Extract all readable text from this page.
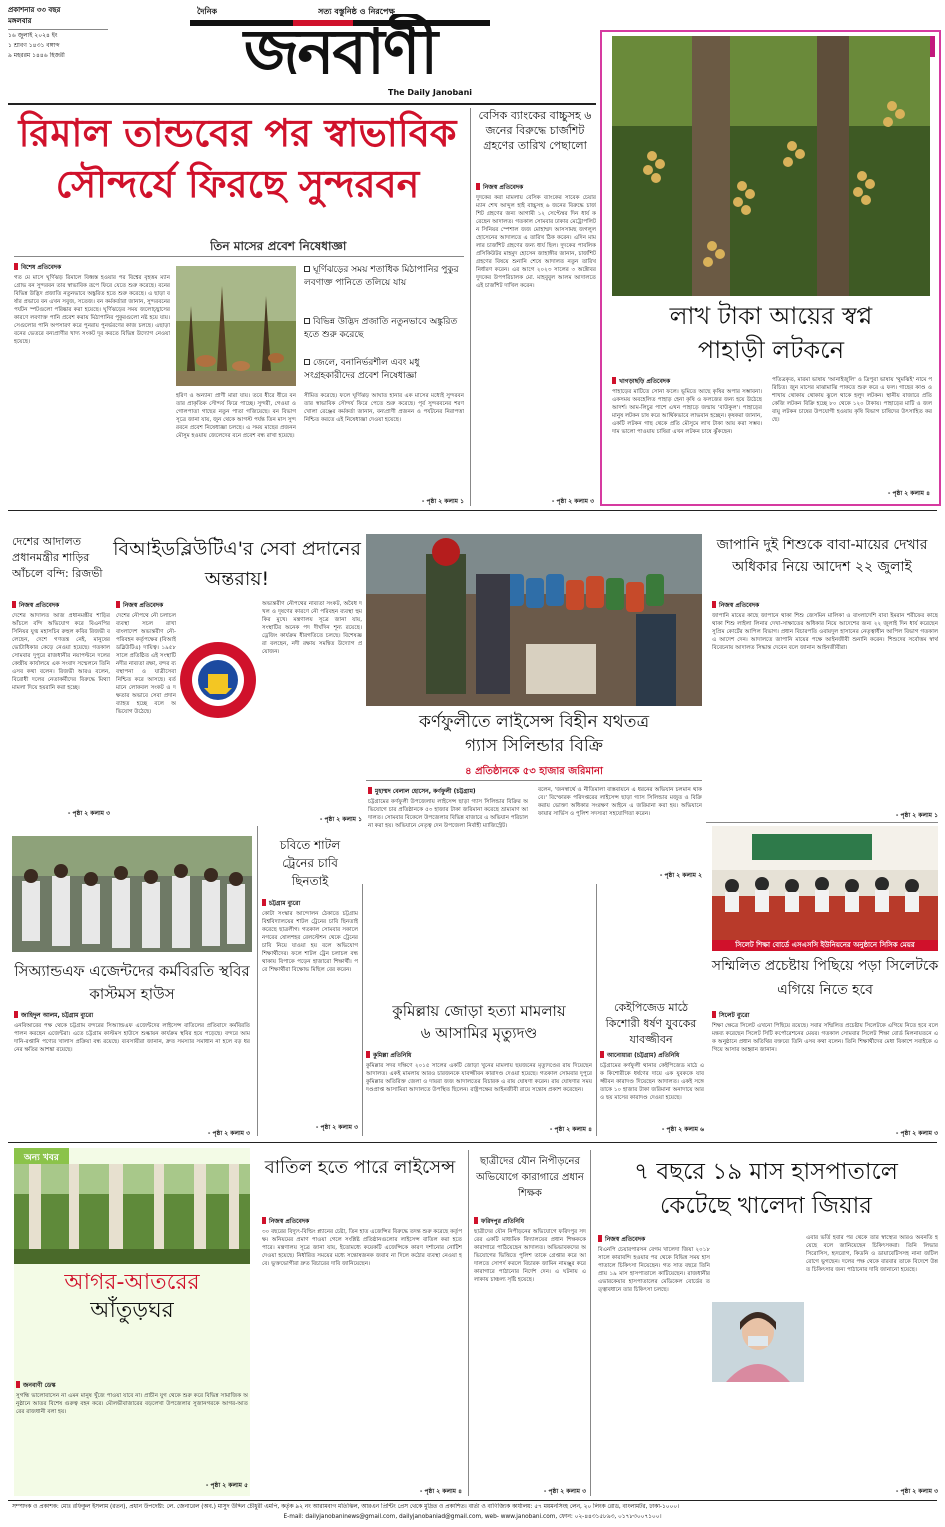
প্রকাশনার ৩৩ বছর
মঙ্গলবার
১৬ জুলাই ২০২৪ ইং
১ শ্রাবণ ১৪৩১ বঙ্গাব্দ
৯ মহররম ১৪৪৬ হিজরী
দৈনিক	সত্য বস্তুনিষ্ঠ ও নিরপেক্ষ
জনবাণী
The Daily Janobani
রিমাল তান্ডবের পর স্বাভাবিক
সৌন্দর্যে ফিরছে সুন্দরবন
তিন মাসের প্রবেশ নিষেধাজ্ঞা
বিশেষ প্রতিবেদক
গত মে মাসে ঘূর্ণিঝড় রিমালে বিধ্বস্ত হওয়ার পর বিশ্বের বৃহত্তম ম্যানগ্রোভ বন সুন্দরবন তার স্বাভাবিক রূপে ফিরে যেতে শুরু করেছে। বনের বিভিন্ন উদ্ভিদ প্রজাতি নতুনভাবে অঙ্কুরিত হতে শুরু করেছে। এ ছাড়া বর্ষার প্রভাবে বন এখন সবুজ, সতেজ। বন কর্মকর্তারা জানান, সুন্দরবনের পর্যটন স্পটগুলো পরিষ্কার করা হয়েছে। ঘূর্ণিঝড়ের সময় জলোচ্ছ্বাসের কারণে লবণাক্ত পানি প্রবেশ করায় মিঠাপানির পুকুরগুলো নষ্ট হয়ে যায়। সেগুলোর পানি অপসারণ করে পুনরায় পুনর্ভরণের কাজ চলছে। এছাড়া বনের ভেতরে বন্যপ্রাণীর খাদ্য সংকট দূর করতে বিভিন্ন উদ্যোগ নেওয়া হয়েছে।
ঘূর্ণিঝড়ের সময় শতাধিক মিঠাপানির পুকুর লবণাক্ত পানিতে তলিয়ে যায়
বিভিন্ন উদ্ভিদ প্রজাতি নতুনভাবে অঙ্কুরিত হতে শুরু করেছে
জেলে, বনানির্ভরশীল এবং মধু সংগ্রহকারীদের প্রবেশ নিষেধাজ্ঞা
হরিণ ও অন্যান্য প্রাণী মারা যায়। তবে ধীরে ধীরে বন তার প্রাকৃতিক সৌন্দর্য ফিরে পাচ্ছে। সুন্দরী, গেওয়া ও গোলপাতা গাছের নতুন পাতা গজিয়েছে। বন বিভাগ সূত্রে জানা যায়, জুন থেকে আগস্ট পর্যন্ত তিন মাস সুন্দরবনে প্রবেশ নিষেধাজ্ঞা চলছে। এ সময় মাছের প্রজনন মৌসুম হওয়ায় জেলেদের বনে প্রবেশ বন্ধ রাখা হয়েছে।
সীমিত করেছে। ফলে ঘূর্ণিঝড় আঘাত হানার এক মাসের মধ্যেই সুন্দরবন তার স্বাভাবিক সৌন্দর্য ফিরে পেতে শুরু করেছে। পূর্ব সুন্দরবনের শরণখোলা রেঞ্জের কর্মকর্তা জানান, বন্যপ্রাণী প্রজনন ও পর্যটনের নিরাপত্তা নিশ্চিত করতে এই নিষেধাজ্ঞা দেওয়া হয়েছে।
- পৃষ্ঠা ২ কলাম ১
বেসিক ব্যাংকের বাচ্চুসহ ৬ জনের বিরুদ্ধে চার্জশিট গ্রহণের তারিখ পেছালো
নিজস্ব প্রতিবেদক
দুদকের করা মামলায় বেসিক ব্যাংকের সাবেক চেয়ারম্যান শেখ আব্দুল হাই বাচ্চুসহ ৬ জনের বিরুদ্ধে চার্জশিট গ্রহণের জন্য আগামী ১২ সেপ্টেম্বর দিন ধার্য করেছেন আদালত। গতকাল সোমবার ঢাকার মেট্রোপলিটন সিনিয়র স্পেশাল জজ মোহাম্মদ আসসামছ জগলুল হোসেনের আদালতে এ তারিখ ঠিক করেন। এদিন মামলার চার্জশিট গ্রহণের জন্য ধার্য ছিল। দুদকের পাবলিক প্রসিকিউটর মাহমুদ হোসেন জাহাঙ্গীর জানান, চার্জশিট গ্রহণের বিষয়ে শুনানি শেষে আদালত নতুন তারিখ নির্ধারণ করেন। এর আগে ২০২৩ সালের ৩ অক্টোবর দুদকের উপপরিচালক মো. মাহবুবুল আলম আদালতে এই চার্জশিট দাখিল করেন।
- পৃষ্ঠা ২ কলাম ৩
লাখ টাকা আয়ের স্বপ্ন
পাহাড়ী লটকনে
খাগড়াছড়ি প্রতিবেদক
পাহাড়ের মাটিতে সোনা ফলে। ভূমিতে আছে কৃষির অপার সম্ভাবনা। একসময় অবহেলিত পাহাড় হেনা কৃষি ও ফলজের জন্য হয়ে উঠেছে আদর্শ। আম-লিচুর পাশে এখন পাহাড়ে জন্মায় 'বাউকুল'। পাহাড়ের মানুষ লটকন চাষ করে আর্থিকভাবে লাভবান হচ্ছেন। কৃষকরা জানান, একটি লটকন গাছ থেকে প্রতি মৌসুমে লাখ টাকা আয় করা সম্ভব। দাম ভালো পাওয়ায় চাষিরা এখন লটকন চাষে ঝুঁকছেন।
পতিত্রকৃত, মারমা ভাষায় 'আনাইজুলি' ও ত্রিপুরা ভাষায় 'থুমঝিই' নামে পরিচিত। জুন মাসের মাঝামাঝি পাকতে শুরু করে এ ফল। গাছের কাণ্ড ও শাখায় থোকায় থোকায় ঝুলে থাকে হলুদ লটকন। স্থানীয় বাজারে প্রতি কেজি লটকন বিক্রি হচ্ছে ৮০ থেকে ১২০ টাকায়। পাহাড়ের মাটি ও জলবায়ু লটকন চাষের উপযোগী হওয়ায় কৃষি বিভাগ চাষিদের উৎসাহিত করছে।
- পৃষ্ঠা ২ কলাম ৪
দেশের আদালত প্রধানমন্ত্রীর শাড়ির আঁচলে বন্দি: রিজভী
নিজস্ব প্রতিবেদক
দেশের আদালত আজ প্রধানমন্ত্রীর শাড়ির আঁচলে বন্দি অভিযোগ করে বিএনপির সিনিয়র যুগ্ম মহাসচিব রুহুল কবির রিজভী বলেছেন, দেশে গণতন্ত্র নেই, মানুষের ভোটাধিকার কেড়ে নেওয়া হয়েছে। গতকাল সোমবার দুপুরে রাজধানীর নয়াপল্টনে দলের কেন্দ্রীয় কার্যালয়ে এক সংবাদ সম্মেলনে তিনি এসব কথা বলেন। রিজভী আরও বলেন, বিরোধী দলের নেতাকর্মীদের বিরুদ্ধে মিথ্যা মামলা দিয়ে হয়রানি করা হচ্ছে।
- পৃষ্ঠা ২ কলাম ৩
বিআইডব্লিউটিএ'র সেবা প্রদানের অন্তরায়!
নিজস্ব প্রতিবেদক
দেশের নৌপথে নৌ চলাচল ব্যবস্থা সচল রাখা বাংলাদেশ অভ্যন্তরীণ নৌ-পরিবহন কর্তৃপক্ষের (বিআইডব্লিউটিএ) দায়িত্ব। ১৯৫৮ সালে প্রতিষ্ঠিত এই সংস্থাটি নদীর নাব্যতা রক্ষা, বন্দর ব্যবস্থাপনা ও যাত্রীসেবা নিশ্চিত করে আসছে। বর্তমানে লোকবল সংকট ও দক্ষতার অভাবে সেবা প্রদান ব্যাহত হচ্ছে বলে অভিযোগ উঠেছে।
অভ্যন্তরীণ নৌপথের নাব্যতা সংকট, অবৈধ দখল ও দূষণের কারণে নৌ পরিবহন ব্যবস্থা হুমকির মুখে। মন্ত্রণালয় সূত্রে জানা যায়, সংস্থাটির অনেক পদ দীর্ঘদিন শূন্য রয়েছে। ড্রেজিং কার্যক্রম ধীরগতিতে চলছে। বিশেষজ্ঞরা বলছেন, নদী রক্ষায় সমন্বিত উদ্যোগ প্রয়োজন।
- পৃষ্ঠা ২ কলাম ১
কর্ণফুলীতে লাইসেন্স বিহীন যথতত্র
গ্যাস সিলিন্ডার বিক্রি
৪ প্রতিষ্ঠানকে ৫৩ হাজার জরিমানা
মুহাম্মদ বেলাল হোসেন, কর্ণফুলী (চট্টগ্রাম)
চট্টগ্রামের কর্ণফুলী উপজেলায় লাইসেন্স ছাড়া গ্যাস সিলিন্ডার বিক্রির অভিযোগে চার প্রতিষ্ঠানকে ৫৩ হাজার টাকা জরিমানা করেছে ভ্রাম্যমাণ আদালত। সোমবার বিকেলে উপজেলার বিভিন্ন বাজারে এ অভিযান পরিচালনা করা হয়। অভিযানে নেতৃত্ব দেন উপজেলা নির্বাহী ম্যাজিস্ট্রেট।
বলেন, 'জনস্বার্থে ও নীতিমালা বাস্তবায়নে এ ধরনের অভিযান চলমান থাকবে।' বিস্ফোরক পরিদপ্তরের লাইসেন্স ছাড়া গ্যাস সিলিন্ডার মজুত ও বিক্রি করায় ভোক্তা অধিকার সংরক্ষণ আইনে এ জরিমানা করা হয়। অভিযানে ফায়ার সার্ভিস ও পুলিশ সদস্যরা সহযোগিতা করেন।
- পৃষ্ঠা ২ কলাম ২
জাপানি দুই শিশুকে বাবা-মায়ের দেখার অধিকার নিয়ে আদেশ ২২ জুলাই
নিজস্ব প্রতিবেদক
জাপানি মায়ের কাছে জাপানে থাকা শিশু জেসমিন মালিকা ও বাংলাদেশি বাবা ইমরান শরীফের কাছে থাকা শিশু লাইলা লিনার দেখা-সাক্ষাতের অধিকার নিয়ে আদেশের জন্য ২২ জুলাই দিন ধার্য করেছেন সুপ্রিম কোর্টের আপিল বিভাগ। প্রধান বিচারপতি ওবায়দুল হাসানের নেতৃত্বাধীন আপিল বিভাগ গতকাল এ আদেশ দেন। আদালতে জাপানি মায়ের পক্ষে আইনজীবী শুনানি করেন। শিশুদের সর্বোত্তম স্বার্থ বিবেচনায় আদালত সিদ্ধান্ত দেবেন বলে জানান আইনজীবীরা।
- পৃষ্ঠা ২ কলাম ১
সিঅ্যান্ডএফ এজেন্টদের কর্মবিরতি স্থবির কাস্টমস হাউস
জাহিদুল আলম, চট্টগ্রাম ব্যুরো
এনবিআরের পক্ষ থেকে চট্টগ্রাম বন্দরের সিঅ্যান্ডএফ এজেন্টদের লাইসেন্স বাতিলের প্রতিবাদে কর্মবিরতি পালন করছেন এজেন্টরা। এতে চট্টগ্রাম কাস্টমস হাউসে শুল্কায়ন কার্যক্রম স্থবির হয়ে পড়েছে। বন্দরে আমদানি-রপ্তানি পণ্যের খালাস প্রক্রিয়া বন্ধ রয়েছে। ব্যবসায়ীরা জানান, দ্রুত সমস্যার সমাধান না হলে বড় ধরনের ক্ষতির আশঙ্কা রয়েছে।
- পৃষ্ঠা ২ কলাম ৩
চবিতে শাটল ট্রেনের চাবি ছিনতাই
চট্টগ্রাম ব্যুরো
কোটা সংস্কার আন্দোলন ঠেকাতে চট্টগ্রাম বিশ্ববিদ্যালয়ের শাটল ট্রেনের চাবি ছিনতাই করেছে ছাত্রলীগ। গতকাল সোমবার সকালে নগরের ষোলশহর রেলস্টেশন থেকে ট্রেনের চাবি নিয়ে যাওয়া হয় বলে অভিযোগ শিক্ষার্থীদের। ফলে শাটল ট্রেন চলাচল বন্ধ থাকায় বিপাকে পড়েন হাজারো শিক্ষার্থী। পরে শিক্ষার্থীরা বিক্ষোভ মিছিল বের করেন।
- পৃষ্ঠা ২ কলাম ৩
কুমিল্লায় জোড়া হত্যা মামলায়
৬ আসামির মৃত্যুদণ্ড
কুমিল্লা প্রতিনিধি
কুমিল্লার সদর দক্ষিণে ২০১৫ সালের একটি জোড়া খুনের মামলায় ছয়জনের মৃত্যুদণ্ডের রায় দিয়েছেন আদালত। একই মামলায় আরও চারজনকে যাবজ্জীবন কারাদণ্ড দেওয়া হয়েছে। গতকাল সোমবার দুপুরে কুমিল্লার অতিরিক্ত জেলা ও দায়রা জজ আদালতের বিচারক এ রায় ঘোষণা করেন। রায় ঘোষণার সময় দণ্ডপ্রাপ্ত আসামিরা আদালতে উপস্থিত ছিলেন। রাষ্ট্রপক্ষের আইনজীবী রায়ে সন্তোষ প্রকাশ করেছেন।
- পৃষ্ঠা ২ কলাম ৪
কেইপিজেড মাঠে কিশোরী ধর্ষণ যুবকের যাবজ্জীবন
আনোয়ারা (চট্টগ্রাম) প্রতিনিধি
চট্টগ্রামের কর্ণফুলী থানার কেইপিজেড মাঠে এক কিশোরীকে ধর্ষণের দায়ে এক যুবককে যাবজ্জীবন কারাদণ্ড দিয়েছেন আদালত। একই সঙ্গে তাকে ১০ হাজার টাকা জরিমানা অনাদায়ে আরও ছয় মাসের কারাদণ্ড দেওয়া হয়েছে।
- পৃষ্ঠা ২ কলাম ৬
সিলেট শিক্ষা বোর্ডে এসএসসি ইউনিয়নের অনুষ্ঠানে সিসিক মেয়র
সম্মিলিত প্রচেষ্টায় পিছিয়ে পড়া সিলেটকে এগিয়ে নিতে হবে
সিলেট ব্যুরো
শিক্ষা ক্ষেত্রে সিলেট এখনো পিছিয়ে রয়েছে। সবার সম্মিলিত প্রচেষ্টায় সিলেটকে এগিয়ে নিতে হবে বলে মন্তব্য করেছেন সিলেট সিটি কর্পোরেশনের মেয়র। গতকাল সোমবার সিলেট শিক্ষা বোর্ড মিলনায়তনে এক অনুষ্ঠানে প্রধান অতিথির বক্তব্যে তিনি এসব কথা বলেন। তিনি শিক্ষার্থীদের মেধা বিকাশে সবাইকে এগিয়ে আসার আহ্বান জানান।
- পৃষ্ঠা ২ কলাম ৩
অন্য খবর
আগর-আতরের
আঁতুড়ঘর
জনবাণী ডেস্ক
সুগন্ধি ভালোবাসেন না এমন মানুষ খুঁজে পাওয়া যাবে না। প্রাচীন যুগ থেকে শুরু করে বিভিন্ন সামাজিক অনুষ্ঠানে আতর বিশেষ গুরুত্ব বহন করে। মৌলভীবাজারের বড়লেখা উপজেলার সুজানগরকে আগর-আতরের রাজধানী বলা হয়।
- পৃষ্ঠা ২ কলাম ৫
বাতিল হতে পারে লাইসেন্স
নিজস্ব প্রতিবেদক
৩০ বছরের বিদ্যুৎ-বিল্ডিং প্ল্যানের চেষ্টা, তিন হাত এজেন্সির বিরুদ্ধে তদন্ত শুরু করেছে কর্তৃপক্ষ। অনিয়মের প্রমাণ পাওয়া গেলে সংশ্লিষ্ট প্রতিষ্ঠানগুলোর লাইসেন্স বাতিল করা হতে পারে। মন্ত্রণালয় সূত্রে জানা যায়, ইতোমধ্যে কয়েকটি এজেন্সিকে কারণ দর্শানোর নোটিশ দেওয়া হয়েছে। নির্ধারিত সময়ের মধ্যে সন্তোষজনক জবাব না দিলে কঠোর ব্যবস্থা নেওয়া হবে। ভুক্তভোগীরা দ্রুত বিচারের দাবি জানিয়েছেন।
- পৃষ্ঠা ২ কলাম ৪
ছাত্রীদের যৌন নিপীড়নের অভিযোগে কারাগারে প্রধান শিক্ষক
ফরিদপুর প্রতিনিধি
ছাত্রীদের যৌন নিপীড়নের অভিযোগে ফরিদপুর সদরের একটি মাধ্যমিক বিদ্যালয়ের প্রধান শিক্ষককে কারাগারে পাঠিয়েছেন আদালত। অভিভাবকদের অভিযোগের ভিত্তিতে পুলিশ তাকে গ্রেপ্তার করে আদালতে সোপর্দ করলে বিচারক জামিন নামঞ্জুর করে কারাগারে পাঠানোর নির্দেশ দেন। এ ঘটনায় এলাকায় চাঞ্চল্য সৃষ্টি হয়েছে।
- পৃষ্ঠা ২ কলাম ৩
৭ বছরে ১৯ মাস হাসপাতালে
কেটেছে খালেদা জিয়ার
নিজস্ব প্রতিবেদক
বিএনপি চেয়ারপারসন বেগম খালেদা জিয়া ২০১৮ সালে কারাবন্দি হওয়ার পর থেকে বিভিন্ন সময় হাসপাতালে চিকিৎসা নিয়েছেন। গত সাত বছরে তিনি প্রায় ১৯ মাস হাসপাতালে কাটিয়েছেন। রাজধানীর এভারকেয়ার হাসপাতালের মেডিকেল বোর্ডের তত্ত্বাবধানে তার চিকিৎসা চলছে।
এবার ভর্তি হবার পর থেকে তার স্বাস্থ্যের আরও অবনতি হয়েছে বলে জানিয়েছেন চিকিৎসকরা। তিনি লিভার সিরোসিস, হৃদরোগ, কিডনি ও ডায়াবেটিসসহ নানা জটিল রোগে ভুগছেন। দলের পক্ষ থেকে বারবার তাকে বিদেশে উন্নত চিকিৎসার জন্য পাঠানোর দাবি জানানো হয়েছে।
- পৃষ্ঠা ২ কলাম ৩
সম্পাদক ও প্রকাশক: মোঃ রফিকুল ইসলাম (রতন), প্রধান উপদেষ্টা: লে. জেনারেল (অব.) মাসুদ উদ্দিন চৌধুরী এমপি, কর্তৃক ৯২ নং আরামবাগ মতিঝিল, আরএন প্রিন্টিং প্রেস থেকে মুদ্রিত ও প্রকাশিত। বার্তা ও বাণিজ্যিক কার্যালয়: ৫৭ ময়মনসিংহ লেন, ২০ লিংক রোড, বাংলামটর, ঢাকা-১০০০।
E-mail: dailyjanobaninews@gmail.com, dailyjanobaniad@gmail.com, web- www.janobani.com, ফোন: ০২-৪৪৩১৫৮৯৩, ০১৭৮৩০০৭১০০।
